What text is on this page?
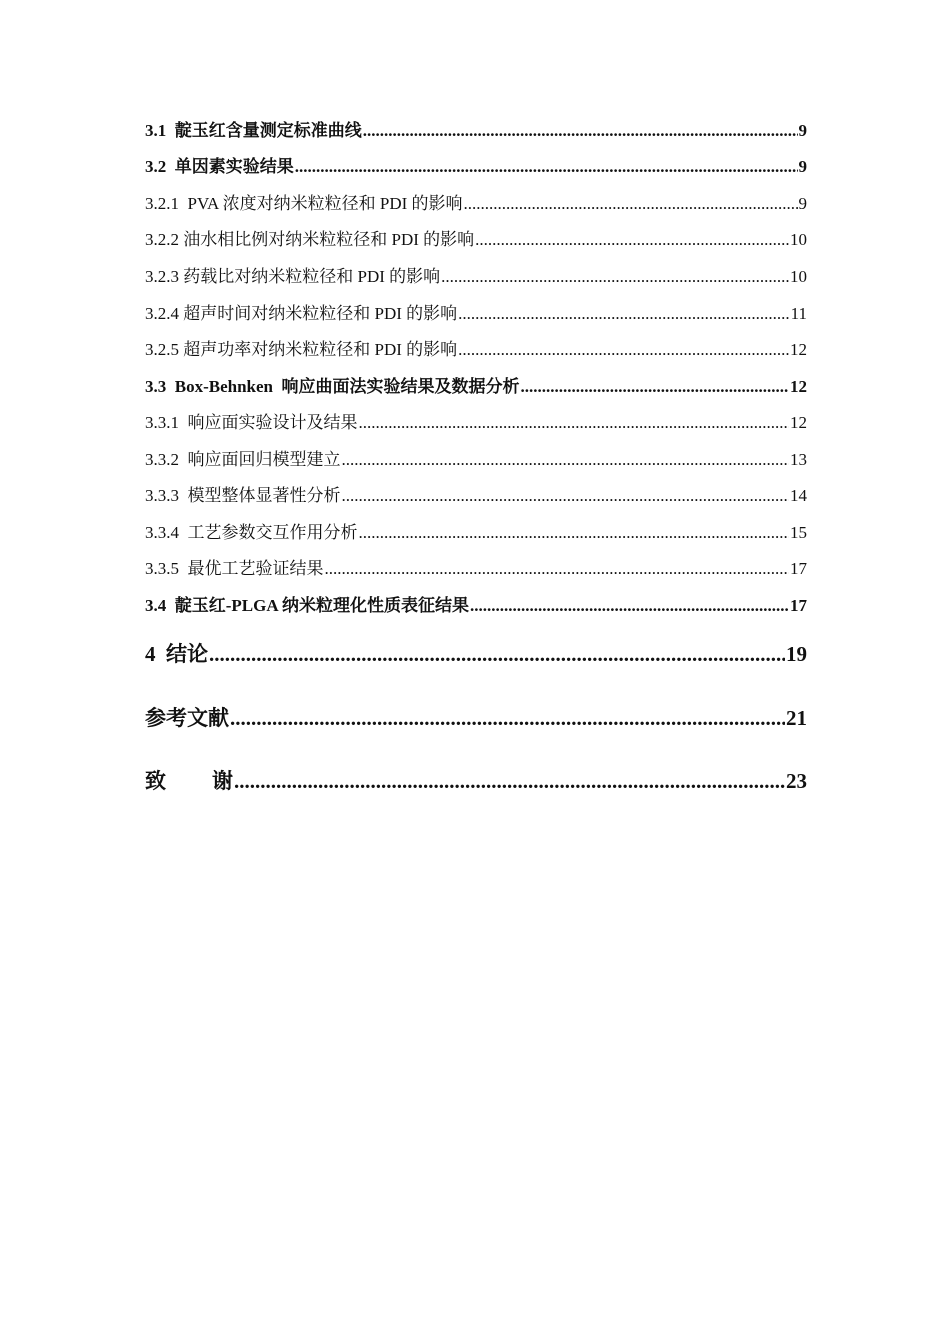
3.1 靛玉红含量测定标准曲线 .....	9
3.2 单因素实验结果 .....	9
3.2.1 PVA 浓度对纳米粒粒径和 PDI 的影响 .....	9
3.2.2 油水相比例对纳米粒粒径和 PDI 的影响 .....	10
3.2.3 药载比对纳米粒粒径和 PDI 的影响 .....	10
3.2.4 超声时间对纳米粒粒径和 PDI 的影响 .....	11
3.2.5 超声功率对纳米粒粒径和 PDI 的影响 .....	12
3.3 Box-Behnken  响应曲面法实验结果及数据分析 .....	12
3.3.1 响应面实验设计及结果 .....	12
3.3.2 响应面回归模型建立 .....	13
3.3.3 模型整体显著性分析 .....	14
3.3.4 工艺参数交互作用分析 .....	15
3.3.5 最优工艺验证结果 .....	17
3.4 靛玉红-PLGA 纳米粒理化性质表征结果 .....	17
4 结论 .....	19
参考文献 .....	21
致 谢 .....	23
